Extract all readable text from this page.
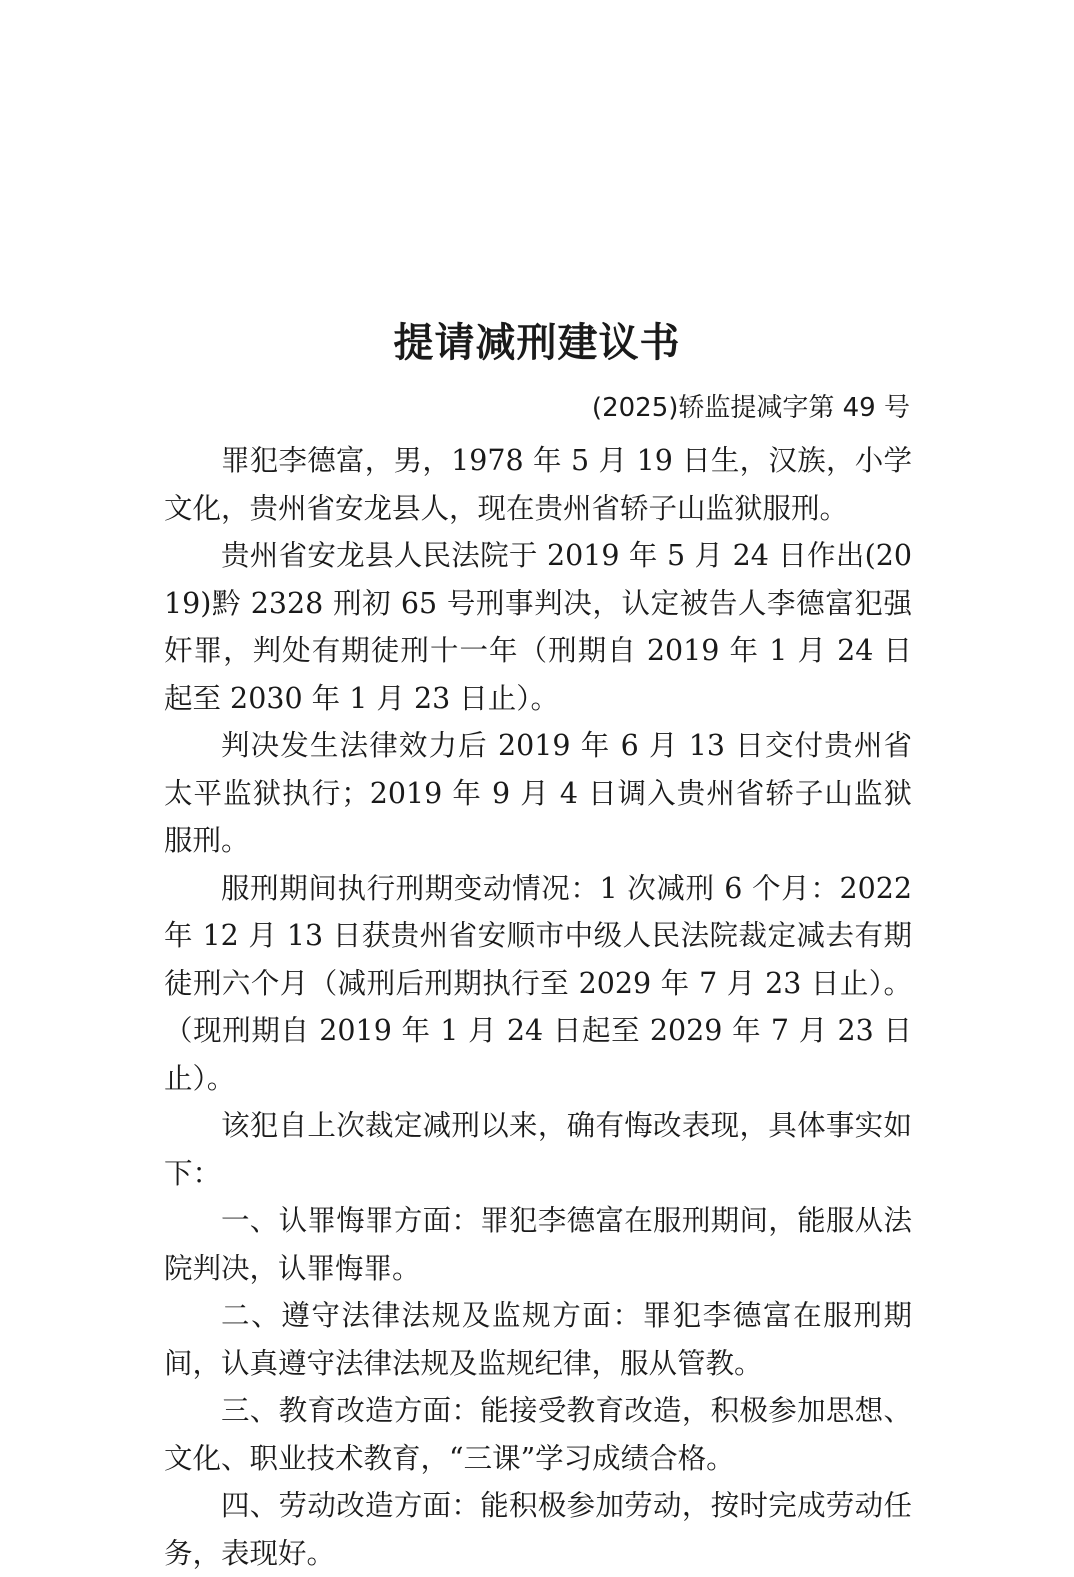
提请减刑建议书
(2025)轿监提减字第 49 号

罪犯李德富，男，1978 年 5 月 19 日生，汉族，小学文化，贵州省安龙县人，现在贵州省轿子山监狱服刑。

贵州省安龙县人民法院于 2019 年 5 月 24 日作出(2019)黔 2328 刑初 65 号刑事判决，认定被告人李德富犯强奸罪，判处有期徒刑十一年（刑期自 2019 年 1 月 24 日起至 2030 年 1 月 23 日止）。

判决发生法律效力后 2019 年 6 月 13 日交付贵州省太平监狱执行；2019 年 9 月 4 日调入贵州省轿子山监狱服刑。

服刑期间执行刑期变动情况：1 次减刑 6 个月：2022 年 12 月 13 日获贵州省安顺市中级人民法院裁定减去有期徒刑六个月（减刑后刑期执行至 2029 年 7 月 23 日止）。（现刑期自 2019 年 1 月 24 日起至 2029 年 7 月 23 日止）。

该犯自上次裁定减刑以来，确有悔改表现，具体事实如下：

一、认罪悔罪方面：罪犯李德富在服刑期间，能服从法院判决，认罪悔罪。

二、遵守法律法规及监规方面：罪犯李德富在服刑期间，认真遵守法律法规及监规纪律，服从管教。

三、教育改造方面：能接受教育改造，积极参加思想、文化、职业技术教育，“三课”学习成绩合格。

四、劳动改造方面：能积极参加劳动，按时完成劳动任务，表现好。
